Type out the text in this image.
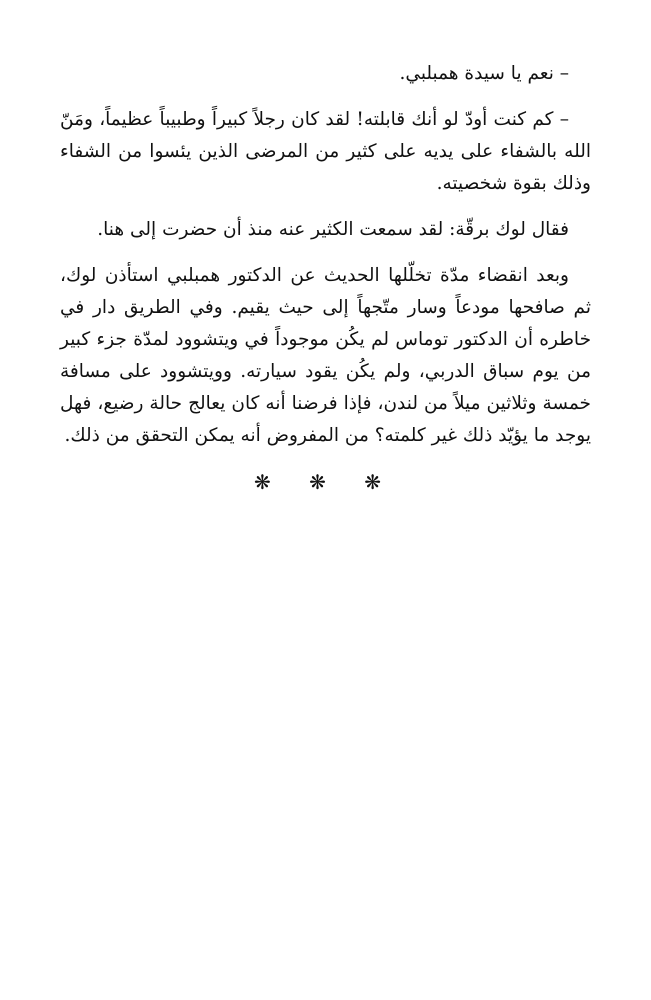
– نعم يا سيدة همبلبي.

– كم كنت أودّ لو أنك قابلته! لقد كان رجلاً كبيراً وطبيباً عظيماً، ومَنّ الله بالشفاء على يديه على كثير من المرضى الذين يئسوا من الشفاء وذلك بقوة شخصيته.

فقال لوك برقّة: لقد سمعت الكثير عنه منذ أن حضرت إلى هنا.

وبعد انقضاء مدّة تخلّلها الحديث عن الدكتور همبلبي استأذن لوك، ثم صافحها مودعاً وسار متّجهاً إلى حيث يقيم. وفي الطريق دار في خاطره أن الدكتور توماس لم يكُن موجوداً في ويتشوود لمدّة جزء كبير من يوم سباق الدربي، ولم يكُن يقود سيارته. وويتشوود على مسافة خمسة وثلاثين ميلاً من لندن، فإذا فرضنا أنه كان يعالج حالة رضيع، فهل يوجد ما يؤيّد ذلك غير كلمته؟ من المفروض أنه يمكن التحقق من ذلك.

❋ ❋ ❋
